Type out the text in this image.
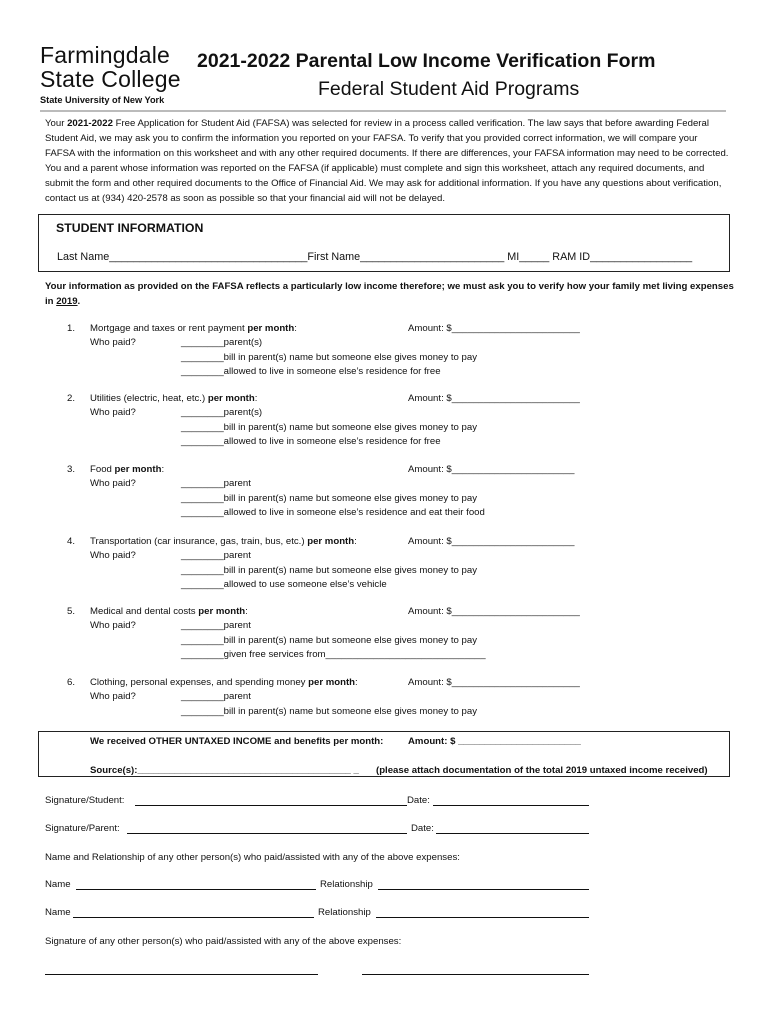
Farmingdale
State College
State University of New York
2021-2022 Parental Low Income Verification Form
Federal Student Aid Programs
Your 2021-2022 Free Application for Student Aid (FAFSA) was selected for review in a process called verification. The law says that before awarding Federal Student Aid, we may ask you to confirm the information you reported on your FAFSA. To verify that you provided correct information, we will compare your FAFSA with the information on this worksheet and with any other required documents. If there are differences, your FAFSA information may need to be corrected. You and a parent whose information was reported on the FAFSA (if applicable) must complete and sign this worksheet, attach any required documents, and submit the form and other required documents to the Office of Financial Aid. We may ask for additional information. If you have any questions about verification, contact us at (934) 420-2578 as soon as possible so that your financial aid will not be delayed.
STUDENT INFORMATION
Last Name_________________________________First Name________________________ MI_____ RAM ID_________________
Your information as provided on the FAFSA reflects a particularly low income therefore; we must ask you to verify how your family met living expenses in 2019.
1. Mortgage and taxes or rent payment per month:	Amount: $________________________
Who paid?	________parent(s)
________bill in parent(s) name but someone else gives money to pay
________allowed to live in someone else’s residence for free
2. Utilities (electric, heat, etc.) per month:	Amount: $________________________
Who paid?	________parent(s)
________bill in parent(s) name but someone else gives money to pay
________allowed to live in someone else’s residence for free
3. Food per month:	Amount: $_______________________
Who paid?	________parent
________bill in parent(s) name but someone else gives money to pay
________allowed to live in someone else’s residence and eat their food
4. Transportation (car insurance, gas, train, bus, etc.) per month:	Amount: $_______________________
Who paid?	________parent
________bill in parent(s) name but someone else gives money to pay
________allowed to use someone else’s vehicle
5. Medical and dental costs per month:	Amount: $________________________
Who paid?	________parent
________bill in parent(s) name but someone else gives money to pay
________given free services from______________________________
6. Clothing, personal expenses, and spending money per month:	Amount: $________________________
Who paid?	________parent
________bill in parent(s) name but someone else gives money to pay
We received OTHER UNTAXED INCOME and benefits per month:	Amount: $ _______________________
Source(s):________________________________________ _ (please attach documentation of the total 2019 untaxed income received)
Signature/Student:	Date:
Signature/Parent:	Date:
Name and Relationship of any other person(s) who paid/assisted with any of the above expenses:
Name	Relationship
Name	Relationship
Signature of any other person(s) who paid/assisted with any of the above expenses:
